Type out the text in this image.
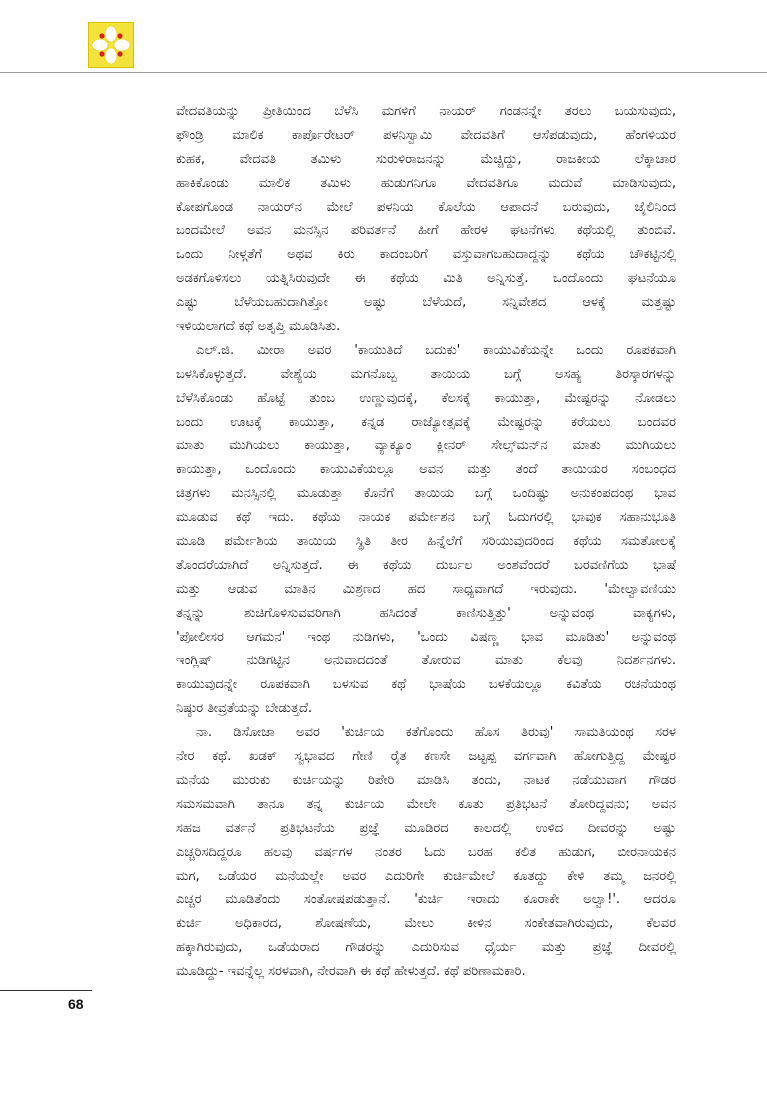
ವೇದವತಿಯನ್ನು ಪ್ರೀತಿಯಿಂದ ಬೆಳೆಸಿ ಮಗಳಿಗೆ ನಾಯರ್ ಗಂಡನನ್ನೇ ತರಲು ಬಯಸುವುದು,
ಫೌಂಡ್ರಿ ಮಾಲಿಕ ಕಾರ್ಪೊರೇಟರ್ ಪಳನಿಸ್ವಾಮಿ ವೇದವತಿಗೆ ಆಸೆಪಡುವುದು, ಹೆಂಗಳಿಯರ
ಕುಹಕ, ವೇದವತಿ ತಮಿಳು ಸುರುಳಿರಾಜನನ್ನು ಮೆಚ್ಚಿದ್ದು, ರಾಜಕೀಯ ಲೆಕ್ಕಾಚಾರ
ಹಾಕಿಕೊಂಡು ಮಾಲಿಕ ತಮಿಳು ಹುಡುಗನಿಗೂ ವೇದವತಿಗೂ ಮದುವೆ ಮಾಡಿಸುವುದು,
ಕೋಪಗೊಂಡ ನಾಯರ್‌ನ ಮೇಲೆ ಪಳನಿಯ ಕೊಲೆಯ ಆಪಾದನೆ ಬರುವುದು, ಜೈಲಿನಿಂದ
ಬಂದಮೇಲೆ ಅವನ ಮನಸ್ಸಿನ ಪರಿವರ್ತನೆ ಹೀಗೆ ಹೇರಳ ಘಟನೆಗಳು ಕಥೆಯಲ್ಲಿ ತುಂಬಿವೆ.
ಒಂದು ನೀಳ್ಗತೆಗೆ ಅಥವ ಕಿರು ಕಾದಂಬರಿಗೆ ವಸ್ತುವಾಗಬಹುದಾದ್ದನ್ನು ಕಥೆಯ ಚೌಕಟ್ಟಿನಲ್ಲಿ
ಅಡಕಗೊಳಿಸಲು ಯತ್ನಿಸಿರುವುದೇ ಈ ಕಥೆಯ ಮಿತಿ ಅನ್ನಿಸುತ್ತೆ. ಒಂದೊಂದು ಘಟನೆಯೂ
ಎಷ್ಟು ಬೆಳೆಯಬಹುದಾಗಿತ್ತೋ ಅಷ್ಟು ಬೆಳೆಯದೆ, ಸನ್ನಿವೇಶದ ಆಳಕ್ಕೆ ಮತ್ತಷ್ಟು
ಇಳಿಯಲಾಗದೆ ಕಥೆ ಅತೃಪ್ತಿ ಮೂಡಿಸಿತು.
ಎಲ್.ಜಿ. ಮೀರಾ ಅವರ 'ಕಾಯುತಿದೆ ಬದುಕು' ಕಾಯುವಿಕೆಯನ್ನೇ ಒಂದು ರೂಪಕವಾಗಿ
ಬಳಸಿಕೊಳ್ಳುತ್ತದೆ. ವೇಶ್ಯೆಯ ಮಗನೊಬ್ಬ ತಾಯಿಯ ಬಗ್ಗೆ ಅಸಹ್ಯ ತಿರಸ್ಕಾರಗಳನ್ನು
ಬೆಳೆಸಿಕೊಂಡು ಹೊಟ್ಟೆ ತುಂಬ ಉಣ್ಣುವುದಕ್ಕೆ, ಕೆಲಸಕ್ಕೆ ಕಾಯುತ್ತಾ, ಮೇಷ್ಟರನ್ನು ನೋಡಲು
ಬಂದು ಊಟಕ್ಕೆ ಕಾಯುತ್ತಾ, ಕನ್ನಡ ರಾಜ್ಯೋತ್ಸವಕ್ಕೆ ಮೇಷ್ಟರನ್ನು ಕರೆಯಲು ಬಂದವರ
ಮಾತು ಮುಗಿಯಲು ಕಾಯುತ್ತಾ, ವ್ಯಾಕ್ಯೂಂ ಕ್ಲೀನರ್ ಸೇಲ್ಸ್‌ಮನ್‌ನ ಮಾತು ಮುಗಿಯಲು
ಕಾಯುತ್ತಾ, ಒಂದೊಂದು ಕಾಯುವಿಕೆಯಲ್ಲೂ ಅವನ ಮತ್ತು ತಂದೆ ತಾಯಿಯರ ಸಂಬಂಧದ
ಚಿತ್ರಗಳು ಮನಸ್ಸಿನಲ್ಲಿ ಮೂಡುತ್ತಾ ಕೊನೆಗೆ ತಾಯಿಯ ಬಗ್ಗೆ ಒಂದಿಷ್ಟು ಅನುಕಂಪದಂಥ ಭಾವ
ಮೂಡುವ ಕಥೆ ಇದು. ಕಥೆಯ ನಾಯಕ ಪರ್ಮೇಶನ ಬಗ್ಗೆ ಓದುಗರಲ್ಲಿ ಭಾವುಕ ಸಹಾನುಭೂತಿ
ಮೂಡಿ ಪರ್ಮೇಶಿಯ ತಾಯಿಯ ಸ್ಥಿತಿ ತೀರ ಹಿನ್ನೆಲೆಗೆ ಸರಿಯುವುದರಿಂದ ಕಥೆಯ ಸಮತೋಲಕ್ಕೆ
ತೊಂದರೆಯಾಗಿದೆ ಅನ್ನಿಸುತ್ತದೆ. ಈ ಕಥೆಯ ದುರ್ಬಲ ಅಂಶವೆಂದರೆ ಬರವಣಿಗೆಯ ಭಾಷೆ
ಮತ್ತು ಆಡುವ ಮಾತಿನ ಮಿಶ್ರಣದ ಹದ ಸಾಧ್ಯವಾಗದೆ ಇರುವುದು. 'ಮೇಲ್ವಾವಣಿಯು
ತನ್ನನ್ನು ಶುಚಿಗೊಳಿಸುವವರಿಗಾಗಿ ಹಸಿದಂತೆ ಕಾಣಿಸುತ್ತಿತ್ತು' ಅನ್ನುವಂಥ ವಾಕ್ಯಗಳು,
'ಪೋಲೀಸರ ಆಗಮನ' ಇಂಥ ನುಡಿಗಳು, 'ಒಂದು ವಿಷಣ್ಣ ಭಾವ ಮೂಡಿತು' ಅನ್ನುವಂಥ
ಇಂಗ್ಲಿಷ್ ನುಡಿಗಟ್ಟಿನ ಅನುವಾದದಂತೆ ತೋರುವ ಮಾತು ಕೆಲವು ನಿದರ್ಶನಗಳು.
ಕಾಯುವುದನ್ನೇ ರೂಪಕವಾಗಿ ಬಳಸುವ ಕಥೆ ಭಾಷೆಯ ಬಳಕೆಯಲ್ಲೂ ಕವಿತೆಯ ರಚನೆಯಂಥ
ನಿಷ್ಠುರ ತೀವ್ರತೆಯನ್ನು ಬೇಡುತ್ತದೆ.
ನಾ. ಡಿಸೋಜಾ ಅವರ 'ಕುರ್ಚಿಯ ಕತೆಗೊಂದು ಹೊಸ ತಿರುವು' ಸಾಮತಿಯಂಥ ಸರಳ
ನೇರ ಕಥೆ. ಖಡಕ್ ಸ್ವಭಾವದ ಗೇಣಿ ರೈತ ಕಣಸೇ ಜಟ್ಟಪ್ಪ ವರ್ಗವಾಗಿ ಹೋಗುತ್ತಿದ್ದ ಮೇಷ್ಟರ
ಮನೆಯ ಮುರುಕು ಕುರ್ಚಿಯನ್ನು ರಿಪೇರಿ ಮಾಡಿಸಿ ತಂದು, ನಾಟಕ ನಡೆಯುವಾಗ ಗೌಡರ
ಸಮಸಮವಾಗಿ ತಾನೂ ತನ್ನ ಕುರ್ಚಿಯ ಮೇಲೇ ಕೂತು ಪ್ರತಿಭಟನೆ ತೋರಿದ್ದವನು; ಅವನ
ಸಹಜ ವರ್ತನೆ ಪ್ರತಿಭಟನೆಯ ಪ್ರಜ್ಞೆ ಮೂಡಿರದ ಕಾಲದಲ್ಲಿ ಉಳಿದ ದೀವರನ್ನು ಅಷ್ಟು
ಎಚ್ಚರಿಸದಿದ್ದರೂ ಹಲವು ವರ್ಷಗಳ ನಂತರ ಓದು ಬರಹ ಕಲಿತ ಹುಡುಗ, ಬೀರನಾಯಕನ
ಮಗ, ಒಡೆಯರ ಮನೆಯಲ್ಲೇ ಅವರ ಎದುರಿಗೇ ಕುರ್ಚಿಮೇಲೆ ಕೂತದ್ದು ಕೇಳಿ ತಮ್ಮ ಜನರಲ್ಲಿ
ಎಚ್ಚರ ಮೂಡಿತೆಂದು ಸಂತೋಷಪಡುತ್ತಾನೆ. 'ಕುರ್ಚಿ ಇರಾದು ಕೂರಾಕೇ ಅಲ್ವಾ!'. ಆದರೂ
ಕುರ್ಚಿ ಅಧಿಕಾರದ, ಶೋಷಣೆಯ, ಮೇಲು ಕೀಳಿನ ಸಂಕೇತವಾಗಿರುವುದು, ಕೆಲವರ
ಹಕ್ಕಾಗಿರುವುದು, ಒಡೆಯರಾದ ಗೌಡರನ್ನು ಎದುರಿಸುವ ಧೈರ್ಯ ಮತ್ತು ಪ್ರಜ್ಞೆ ದೀವರಲ್ಲಿ
ಮೂಡಿದ್ದು- ಇವನ್ನೆಲ್ಲ ಸರಳವಾಗಿ, ನೇರವಾಗಿ ಈ ಕಥೆ ಹೇಳುತ್ತದೆ. ಕಥೆ ಪರಿಣಾಮಕಾರಿ.
68
